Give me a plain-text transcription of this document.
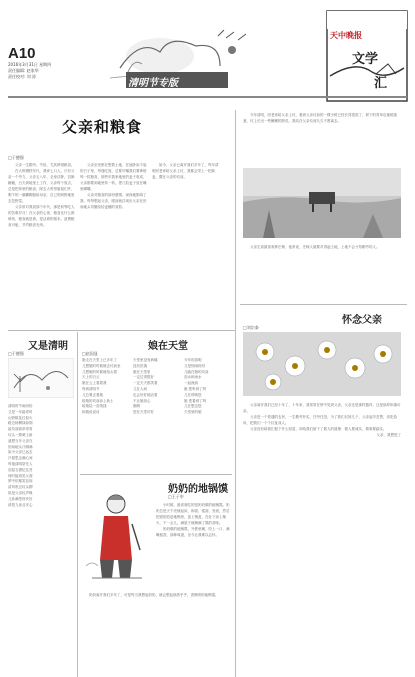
A10
2016年3月31日 星期四
责任编辑: 赵家华
责任校对: 刘 涛
清明节专版
天中晚报
文学
汇
父亲和粮食
□于德强
父亲一生勤劳、节俭，尤其珍惜粮食。
在大炼钢铁年代，我家七口人，只有父亲一个劳力，父亲五八年，全身浮肿，饥肠辘辘，白天到地里上工作，父亲每个饭点，总是把家里的粮食，除去大哥哥姐姐们外，剩下的一碗糊糊留给母亲，自己则到野地里去挖野菜。
父亲常对我说那个年代，那是何等吃人的苦难岁月！在父亲的心里，粮食比什么都珍贵，粮食就是命，是活命的根本，浪费粮食可耻，节约粮食光荣。
父亲至死都在想着土地，在他卧床不起的日子里，每逢吃饭，总要叮嘱我们要珍惜每一粒粮食，那些年我家地里的麦子收成，父亲都要到地里转一转，捏几粒麦子放在嘴里嚼嚼。
父亲对粮食的那份感情，深深地影响了我，每每想起父亲，眼前就浮现出父亲在田间地头弯腰捡拾麦穗的身影。
如今，父亲已离开我们多年了，每年清明回老家给父亲上坟，我都会带上一把新麦，撒在父亲的坟前。
今年清明，回老家给父亲上坟，看到父亲坟前的一棵小树已经长得很高了，树下的青草也郁郁葱葱，坟上长出一些嫩嫩的野花，我站在父亲坟前久久不愿离去。
父亲生前最喜欢种庄稼，他常说，庄稼人就要对得起土地，土地不会亏待勤劳的人。
又是清明
□于德强
清明时节雨纷纷
又是一年踏青时
山野桃花红似火
路边杨柳绿如烟
祖坟前面草青青
坟头一捧黄土新
遥想当年父亲在
田间地头汗淋漓
如今父亲已远去
只留思念满心间
每逢清明祭先人
泪湿衣襟忆往昔
何时能再见父面
梦中依稀笑容现
清风吹过坟头柳
似是父亲轻声唤
儿孙满堂皆安好
请您九泉且安心
娘在天堂
□赵国显
娘走在天堂上已多年了
儿想娘的时候就去坟前坐
儿想娘的时候就抬头看
天上的白云
娘在云上看着我
每到清明节
儿总要去看娘
给娘的坟前添上新土
给娘烧一沓纸钱
和娘说说话
天堂里没有病痛
没有饥饿
娘在天堂里
一定过得很好
一定天天都笑着
儿在人间
也会好好地活着
不让娘担心
娘啊
您在天堂可好
今年的清明
又是细雨纷纷
儿跪在娘的坟前
泪水和雨水
一起流淌
娘 您听到了吗
儿在呼唤您
娘 您看到了吗
儿在想念您
天堂里的娘
奶奶的地锅馍
□王子申
小时候，最喜欢吃的是奶奶做的地锅馍。奶奶总是天不亮就起床，和面、揉面、发面，然后把面团放进地锅里，盖上锅盖，在灶下添上柴火，不一会儿，满屋子就飘满了馍的香味。
奶奶做的地锅馍，外焦里嫩，咬上一口，满嘴留香，那种味道，至今让我难以忘怀。
奶奶离开我们多年了，可是每当我想起奶奶，就会想起那热乎乎、香喷喷的地锅馍。
怀念父亲
□刘宗泰
父亲离开我们已经十年了，十年来，我常常在梦中见到父亲，父亲还是那样慈祥，还是那样和蔼可亲。
父亲是一个普通的农民，一生勤劳朴实，任劳任怨，为了我们兄妹几个，父亲起早贪黑，省吃俭用，把我们一个个拉扯成人。
父亲没有给我们留下什么财富，却给我们留下了做人的道理：做人要诚实，做事要踏实。
父亲，我想您了
